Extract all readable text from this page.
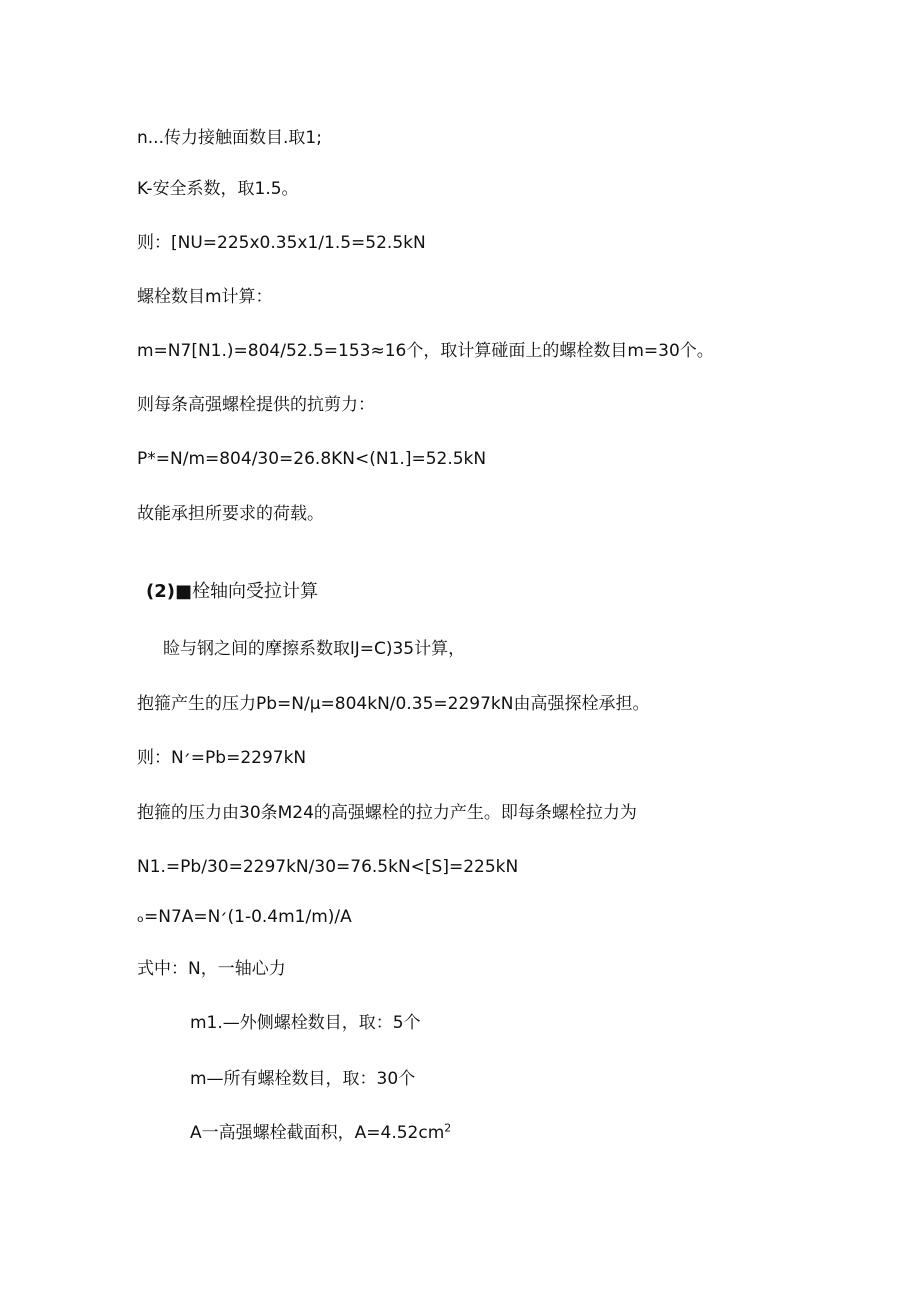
n...传力接触面数目.取1;
K-安全系数，取1.5。
则：[NU=225x0.35x1∕1.5=52.5kN
螺栓数目m计算：
m=N7[N1.)=804∕52.5=153≈16个，取计算碰面上的螺栓数目m=30个。
则每条高强螺栓提供的抗剪力：
P*=N∕m=804∕30=26.8KN<(N1.]=52.5kN
故能承担所要求的荷载。
(2)■栓轴向受拉计算
睑与钢之间的摩擦系数取lJ=C)35计算，
抱箍产生的压力Pb=N∕μ=804kN∕0.35=2297kN由高强探栓承担。
则：N׳=Pb=2297kN
抱箍的压力由30条M24的高强螺栓的拉力产生。即每条螺栓拉力为
N1.=Pb∕30=2297kN∕30=76.5kN<[S]=225kN
ₒ=N7A=N׳(1-0.4m1∕m)/A
式中：N，一轴心力
m1.—外侧螺栓数目，取：5个
m—所有螺栓数目，取：30个
A一高强螺栓截面积，$A=4.52cm^2$
